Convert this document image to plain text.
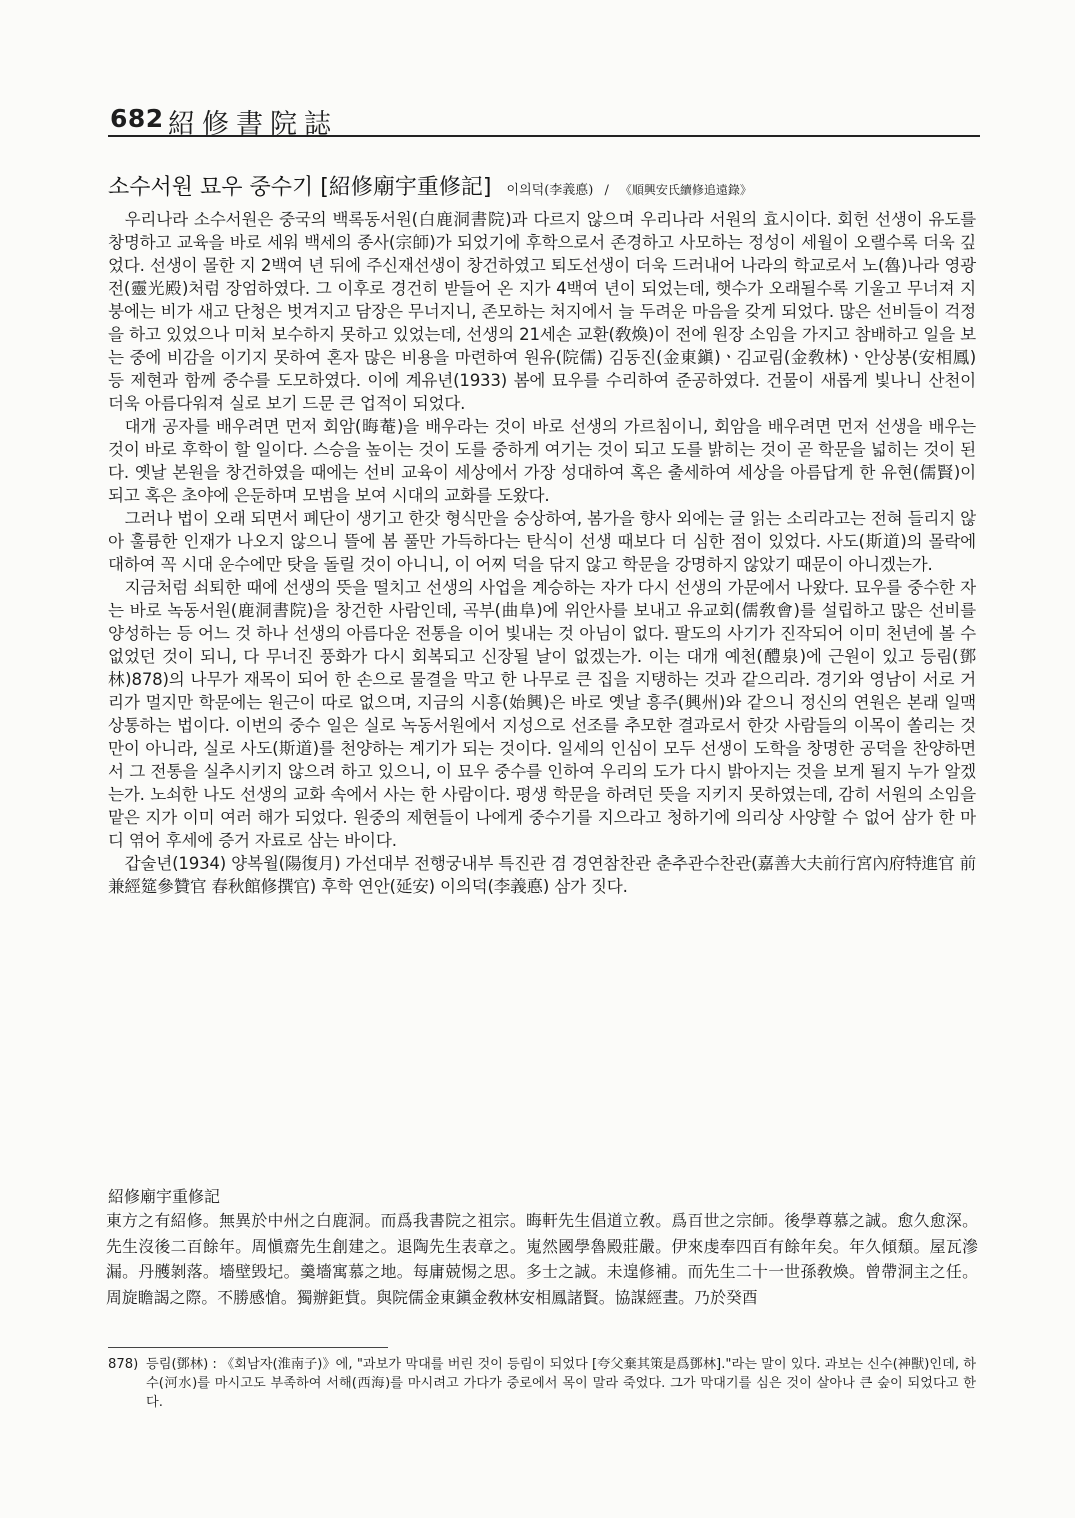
682 紹修書院誌
소수서원 묘우 중수기 [紹修廟宇重修記] 이의덕(李義悳) / 《順興安氏續修追遠錄》

우리나라 소수서원은 중국의 백록동서원(白鹿洞書院)과 다르지 않으며 우리나라 서원의 효시이다. 회헌 선생이 유도를 창명하고 교육을 바로 세워 백세의 종사(宗師)가 되었기에 후학으로서 존경하고 사모하는 정성이 세월이 오랠수록 더욱 깊었다. 선생이 몰한 지 2백여 년 뒤에 주신재선생이 창건하였고 퇴도선생이 더욱 드러내어 나라의 학교로서 노(魯)나라 영광전(靈光殿)처럼 장엄하였다. 그 이후로 경건히 받들어 온 지가 4백여 년이 되었는데, 햇수가 오래될수록 기울고 무너져 지붕에는 비가 새고 단청은 벗겨지고 담장은 무너지니, 존모하는 처지에서 늘 두려운 마음을 갖게 되었다. 많은 선비들이 걱정을 하고 있었으나 미처 보수하지 못하고 있었는데, 선생의 21세손 교환(敎煥)이 전에 원장 소임을 가지고 참배하고 일을 보는 중에 비감을 이기지 못하여 혼자 많은 비용을 마련하여 원유(院儒) 김동진(金東鎭)ㆍ김교림(金敎林)ㆍ안상봉(安相鳳) 등 제현과 함께 중수를 도모하였다. 이에 계유년(1933) 봄에 묘우를 수리하여 준공하였다. 건물이 새롭게 빛나니 산천이 더욱 아름다워져 실로 보기 드문 큰 업적이 되었다.

대개 공자를 배우려면 먼저 회암(晦菴)을 배우라는 것이 바로 선생의 가르침이니, 회암을 배우려면 먼저 선생을 배우는 것이 바로 후학이 할 일이다. 스승을 높이는 것이 도를 중하게 여기는 것이 되고 도를 밝히는 것이 곧 학문을 넓히는 것이 된다. 옛날 본원을 창건하였을 때에는 선비 교육이 세상에서 가장 성대하여 혹은 출세하여 세상을 아름답게 한 유현(儒賢)이 되고 혹은 초야에 은둔하며 모범을 보여 시대의 교화를 도왔다.

그러나 법이 오래 되면서 폐단이 생기고 한갓 형식만을 숭상하여, 봄가을 향사 외에는 글 읽는 소리라고는 전혀 들리지 않아 훌륭한 인재가 나오지 않으니 뜰에 봄 풀만 가득하다는 탄식이 선생 때보다 더 심한 점이 있었다. 사도(斯道)의 몰락에 대하여 꼭 시대 운수에만 탓을 돌릴 것이 아니니, 이 어찌 덕을 닦지 않고 학문을 강명하지 않았기 때문이 아니겠는가.

지금처럼 쇠퇴한 때에 선생의 뜻을 떨치고 선생의 사업을 계승하는 자가 다시 선생의 가문에서 나왔다. 묘우를 중수한 자는 바로 녹동서원(鹿洞書院)을 창건한 사람인데, 곡부(曲阜)에 위안사를 보내고 유교회(儒敎會)를 설립하고 많은 선비를 양성하는 등 어느 것 하나 선생의 아름다운 전통을 이어 빛내는 것 아님이 없다. 팔도의 사기가 진작되어 이미 천년에 볼 수 없었던 것이 되니, 다 무너진 풍화가 다시 회복되고 신장될 날이 없겠는가. 이는 대개 예천(醴泉)에 근원이 있고 등림(鄧林)878)의 나무가 재목이 되어 한 손으로 물결을 막고 한 나무로 큰 집을 지탱하는 것과 같으리라. 경기와 영남이 서로 거리가 멀지만 학문에는 원근이 따로 없으며, 지금의 시흥(始興)은 바로 옛날 흥주(興州)와 같으니 정신의 연원은 본래 일맥상통하는 법이다. 이번의 중수 일은 실로 녹동서원에서 지성으로 선조를 추모한 결과로서 한갓 사람들의 이목이 쏠리는 것만이 아니라, 실로 사도(斯道)를 천양하는 계기가 되는 것이다. 일세의 인심이 모두 선생이 도학을 창명한 공덕을 찬양하면서 그 전통을 실추시키지 않으려 하고 있으니, 이 묘우 중수를 인하여 우리의 도가 다시 밝아지는 것을 보게 될지 누가 알겠는가. 노쇠한 나도 선생의 교화 속에서 사는 한 사람이다. 평생 학문을 하려던 뜻을 지키지 못하였는데, 감히 서원의 소임을 맡은 지가 이미 여러 해가 되었다. 원중의 제현들이 나에게 중수기를 지으라고 청하기에 의리상 사양할 수 없어 삼가 한 마디 엮어 후세에 증거 자료로 삼는 바이다.

갑술년(1934) 양복월(陽復月) 가선대부 전행궁내부 특진관 겸 경연참찬관 춘추관수찬관(嘉善大夫前行宮內府特進官 前兼經筵參贊官 春秋館修撰官) 후학 연안(延安) 이의덕(李義悳) 삼가 짓다.

紹修廟宇重修記
東方之有紹修。無異於中州之白鹿洞。而爲我書院之祖宗。晦軒先生倡道立敎。爲百世之宗師。後學尊慕之誠。愈久愈深。先生沒後二百餘年。周愼齋先生創建之。退陶先生表章之。嵬然國學魯殿莊嚴。伊來虔奉四百有餘年矣。年久傾頹。屋瓦滲漏。丹雘剝落。墻壁毁圮。羹墻寓慕之地。每庸兢惕之思。多士之誠。未遑修補。而先生二十一世孫敎煥。曾帶洞主之任。周旋瞻謁之際。不勝感愴。獨辦鉅貲。與院儒金東鎭金敎林安相鳳諸賢。協謀經晝。乃於癸酉
878) 등림(鄧林) : 《회남자(淮南子)》에, "과보가 막대를 버린 것이 등림이 되었다 [夸父棄其策是爲鄧林]."라는 말이 있다. 과보는 신수(神獸)인데, 하수(河水)를 마시고도 부족하여 서해(西海)를 마시려고 가다가 중로에서 목이 말라 죽었다. 그가 막대기를 심은 것이 살아나 큰 숲이 되었다고 한다.
